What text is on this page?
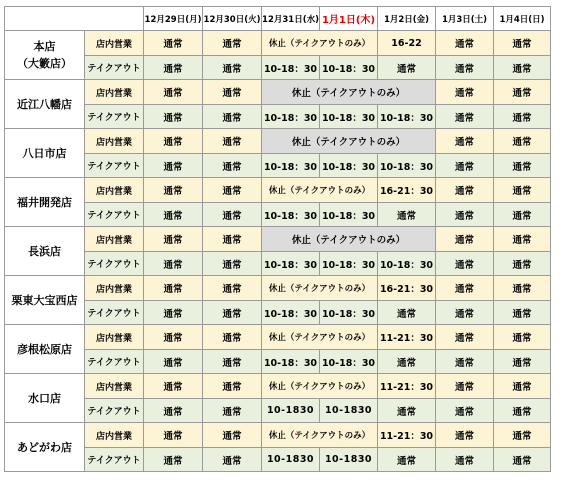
		12月29日(月)	12月30日(火)	12月31日(水)	1月1日(木)	1月2日(金)	1月3日(土)	1月4日(日)

本店
（大籔店）	店内営業	通常	通常	休止（テイクアウトのみ）		16-22	通常	通常
	テイクアウト	通常	通常	10-18：30	10-18：30	通常	通常	通常

近江八幡店	店内営業	通常	通常	休止（テイクアウトのみ）			通常	通常
	テイクアウト	通常	通常	10-18：30	10-18：30	10-18：30	通常	通常

八日市店	店内営業	通常	通常	休止（テイクアウトのみ）			通常	通常
	テイクアウト	通常	通常	10-18：30	10-18：30	10-18：30	通常	通常

福井開発店	店内営業	通常	通常	休止（テイクアウトのみ）		16-21：30	通常	通常
	テイクアウト	通常	通常	10-18：30	10-18：30	通常	通常	通常

長浜店	店内営業	通常	通常	休止（テイクアウトのみ）			通常	通常
	テイクアウト	通常	通常	10-18：30	10-18：30	10-18：30	通常	通常

栗東大宝西店	店内営業	通常	通常	休止（テイクアウトのみ）		16-21：30	通常	通常
	テイクアウト	通常	通常	10-18：30	10-18：30	通常	通常	通常

彦根松原店	店内営業	通常	通常	休止（テイクアウトのみ）		11-21：30	通常	通常
	テイクアウト	通常	通常	10-18：30	10-18：30	通常	通常	通常

水口店	店内営業	通常	通常	休止（テイクアウトのみ）		11-21：30	通常	通常
	テイクアウト	通常	通常	10-1830	10-1830	通常	通常	通常

あどがわ店	店内営業	通常	通常	休止（テイクアウトのみ）		11-21：30	通常	通常
	テイクアウト	通常	通常	10-1830	10-1830	通常	通常	通常
